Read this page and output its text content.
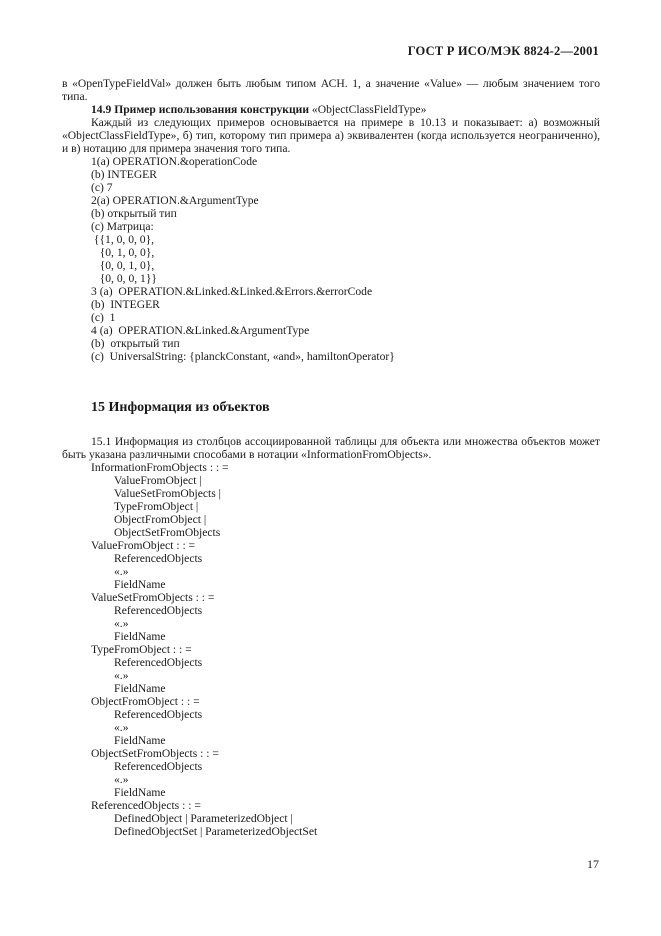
ГОСТ Р ИСО/МЭК 8824-2—2001

в «OpenTypeFieldVal» должен быть любым типом АСН. 1, а значение «Value» — любым значением того типа.

14.9 Пример использования конструкции «ObjectClassFieldType»

Каждый из следующих примеров основывается на примере в 10.13 и показывает: а) возможный «ObjectClassFieldType», б) тип, которому тип примера а) эквивалентен (когда используется неограниченно), и в) нотацию для примера значения того типа.

1(a) OPERATION.&operationCode
(b) INTEGER
(c) 7
2(a) OPERATION.&ArgumentType
(b) открытый тип
(c) Матрица:
{{1, 0, 0, 0},
{0, 1, 0, 0},
{0, 0, 1, 0},
{0, 0, 0, 1}}
3 (a)  OPERATION.&Linked.&Linked.&Errors.&errorCode
(b)  INTEGER
(c)  1
4 (a)  OPERATION.&Linked.&ArgumentType
(b)  открытый тип
(c)  UniversalString: {planckConstant, «and», hamiltonOperator}
15 Информация из объектов

15.1 Информация из столбцов ассоциированной таблицы для объекта или множества объектов может быть указана различными способами в нотации «InformationFromObjects».

InformationFromObjects : : =
ValueFromObject |
ValueSetFromObjects |
TypeFromObject |
ObjectFromObject |
ObjectSetFromObjects
ValueFromObject : : =
ReferencedObjects
«.»
FieldName
ValueSetFromObjects : : =
ReferencedObjects
«.»
FieldName
TypeFromObject : : =
ReferencedObjects
«.»
FieldName
ObjectFromObject : : =
ReferencedObjects
«.»
FieldName
ObjectSetFromObjects : : =
ReferencedObjects
«.»
FieldName
ReferencedObjects : : =
DefinedObject | ParameterizedObject |
DefinedObjectSet | ParameterizedObjectSet
17
